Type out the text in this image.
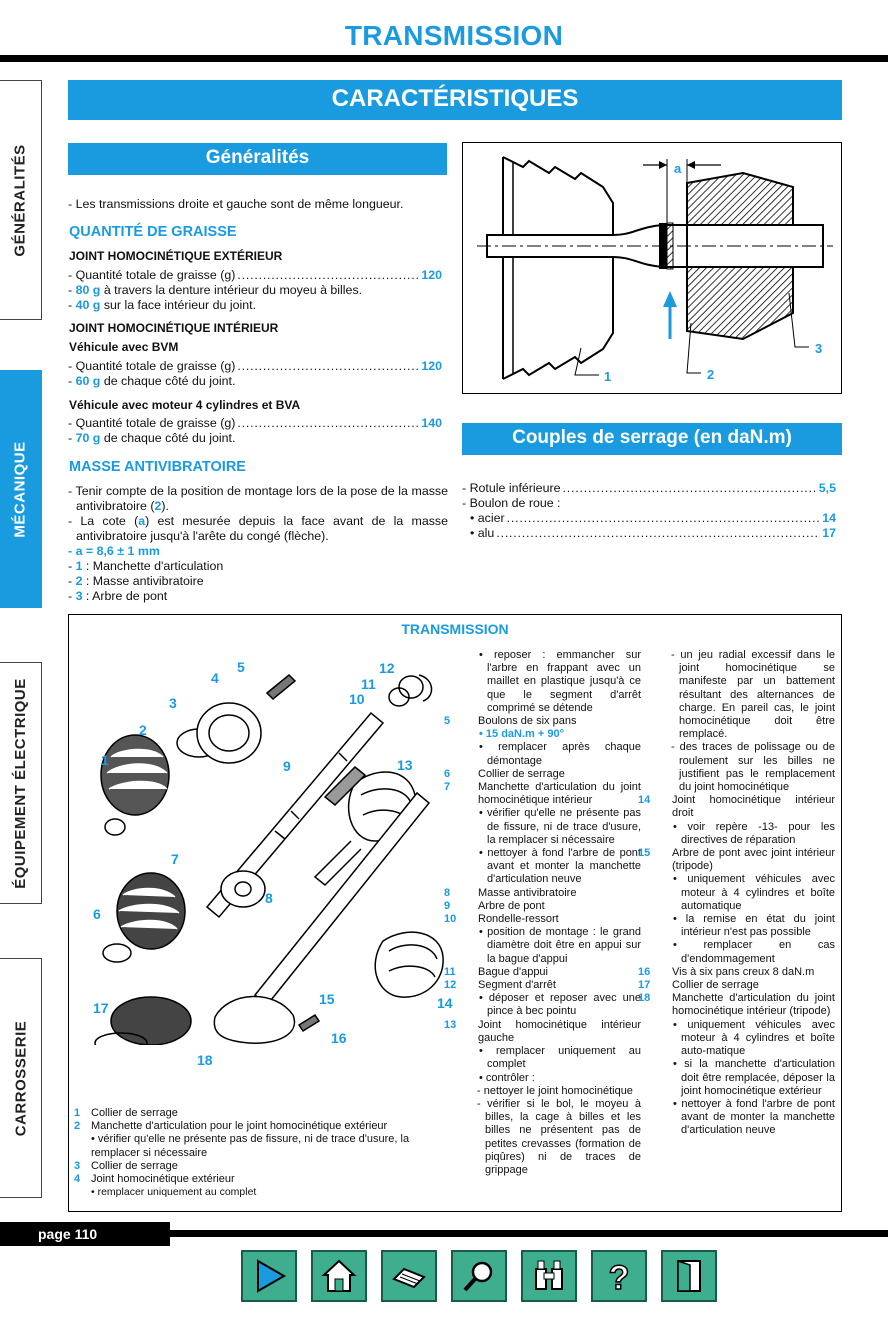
TRANSMISSION
GÉNÉRALITÉS
MÉCANIQUE
ÉQUIPEMENT ÉLECTRIQUE
CARROSSERIE
CARACTÉRISTIQUES
Généralités
- Les transmissions droite et gauche sont de même longueur.
QUANTITÉ DE GRAISSE
JOINT HOMOCINÉTIQUE EXTÉRIEUR
- Quantité totale de graisse (g) .....	120
- 80 g à travers la denture intérieur du moyeu à billes.
- 40 g sur la face intérieur du joint.
JOINT HOMOCINÉTIQUE INTÉRIEUR
Véhicule avec BVM
- Quantité totale de graisse (g) .....	120
- 60 g de chaque côté du joint.
Véhicule avec moteur 4 cylindres et BVA
- Quantité totale de graisse (g) .....	140
- 70 g de chaque côté du joint.
MASSE ANTIVIBRATOIRE
- Tenir compte de la position de montage lors de la pose de la masse antivibratoire (2).
- La cote (a) est mesurée depuis la face avant de la masse antivibratoire jusqu'à l'arête du congé (flèche).
- a = 8,6 ± 1 mm
- 1 : Manchette d'articulation
- 2 : Masse antivibratoire
- 3 : Arbre de pont
a
1	2
3
Couples de serrage (en daN.m)
- Rotule inférieure .....	5,5
- Boulon de roue :
• acier .....	14
• alu .....	17
TRANSMISSION
1
2
3
4
5
6
7
8
9
10
11
12
13
14
15
16
17
18
1 Collier de serrage
2 Manchette d'articulation pour le joint homocinétique extérieur
• vérifier qu'elle ne présente pas de fissure, ni de trace d'usure, la remplacer si nécessaire
3 Collier de serrage
4 Joint homocinétique extérieur
• remplacer uniquement au complet
• reposer : emmancher sur l'arbre en frappant avec un maillet en plastique jusqu'à ce que le segment d'arrêt comprimé se détende
5	Boulons de six pans
• 15 daN.m + 90°
• remplacer après chaque démontage
6	Collier de serrage
7	Manchette d'articulation du joint homocinétique intérieur
• vérifier qu'elle ne présente pas de fissure, ni de trace d'usure, la remplacer si nécessaire
• nettoyer à fond l'arbre de pont avant et monter la manchette d'articulation neuve
8	Masse antivibratoire
9	Arbre de pont
10 Rondelle-ressort
• position de montage : le grand diamètre doit être en appui sur la bague d'appui
11 Bague d'appui
12 Segment d'arrêt
• déposer et reposer avec une pince à bec pointu
13 Joint homocinétique intérieur gauche
• remplacer uniquement au complet
• contrôler :
- nettoyer le joint homocinétique
- vérifier si le bol, le moyeu à billes, la cage à billes et les billes ne présentent pas de petites crevasses (formation de piqûres) ni de traces de grippage
- un jeu radial excessif dans le joint homocinétique se manifeste par un battement résultant des alternances de charge. En pareil cas, le joint homocinétique doit être remplacé.
- des traces de polissage ou de roulement sur les billes ne justifient pas le remplacement du joint homocinétique
14 Joint homocinétique intérieur droit
• voir repère -13- pour les directives de réparation
15 Arbre de pont avec joint intérieur (tripode)
• uniquement véhicules avec moteur à 4 cylindres et boîte automatique
• la remise en état du joint intérieur n'est pas possible
• remplacer en cas d'endommagement
16 Vis à six pans creux 8 daN.m
17 Collier de serrage
18 Manchette d'articulation du joint homocinétique intérieur (tripode)
• uniquement véhicules avec moteur à 4 cylindres et boîte auto-matique
• si la manchette d'articulation doit être remplacée, déposer la joint homocinétique extérieur
• nettoyer à fond l'arbre de pont avant de monter la manchette d'articulation neuve
page 110
?
